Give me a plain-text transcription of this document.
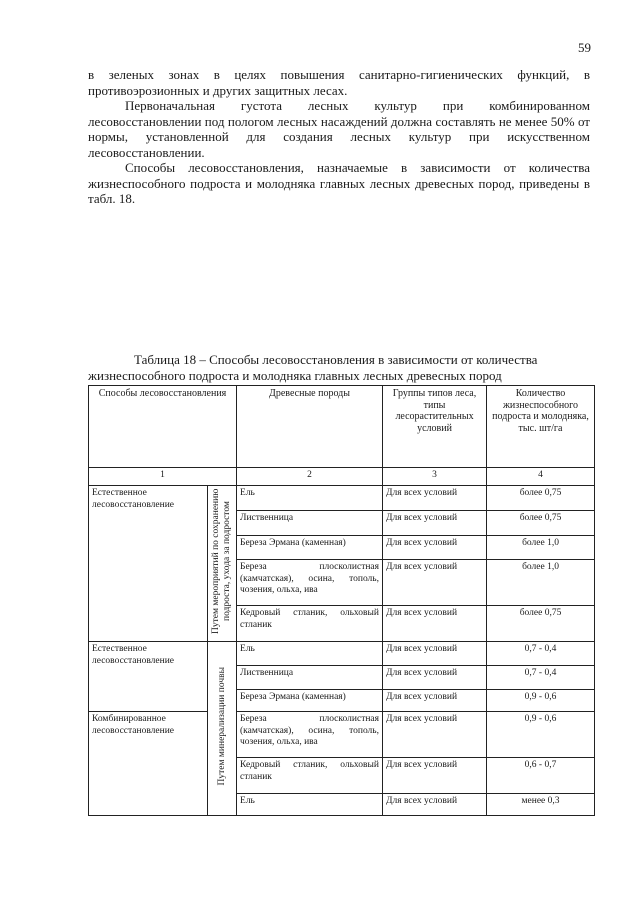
59

в зеленых зонах в целях повышения санитарно-гигиенических функций, в противоэрозионных и других защитных лесах.

Первоначальная густота лесных культур при комбинированном лесовосстановлении под пологом лесных насаждений должна составлять не менее 50% от нормы, установленной для создания лесных культур при искусственном лесовосстановлении.

Способы лесовосстановления, назначаемые в зависимости от количества жизнеспособного подроста и молодняка главных лесных древесных пород, приведены в табл. 18.

Таблица 18 – Способы лесовосстановления в зависимости от количества

жизнеспособного подроста и молодняка главных лесных древесных пород

Способы лесовосстановления		Древесные породы	Группы типов леса, типы лесорастительных условий	Количество жизнеспособного подроста и молодняка, тыс. шт/га
1		2	3	4
Естественное лесовосстановление	Путем мероприятий по сохранению подроста, ухода за подростом	Ель	Для всех условий	более 0,75
		Лиственница	Для всех условий	более 0,75
		Береза Эрмана (каменная)	Для всех условий	более 1,0
		Береза плосколистная (камчатская), осина, тополь, чозения, ольха, ива	Для всех условий	более 1,0
		Кедровый стланик, ольховый стланик	Для всех условий	более 0,75
Естественное лесовосстановление	Путем минерализации почвы	Ель	Для всех условий	0,7 - 0,4
		Лиственница	Для всех условий	0,7 - 0,4
		Береза Эрмана (каменная)	Для всех условий	0,9 - 0,6
Комбинированное лесовосстановление		Береза плосколистная (камчатская), осина, тополь, чозения, ольха, ива	Для всех условий	0,9 - 0,6
		Кедровый стланик, ольховый стланик	Для всех условий	0,6 - 0,7
		Ель	Для всех условий	менее 0,3
